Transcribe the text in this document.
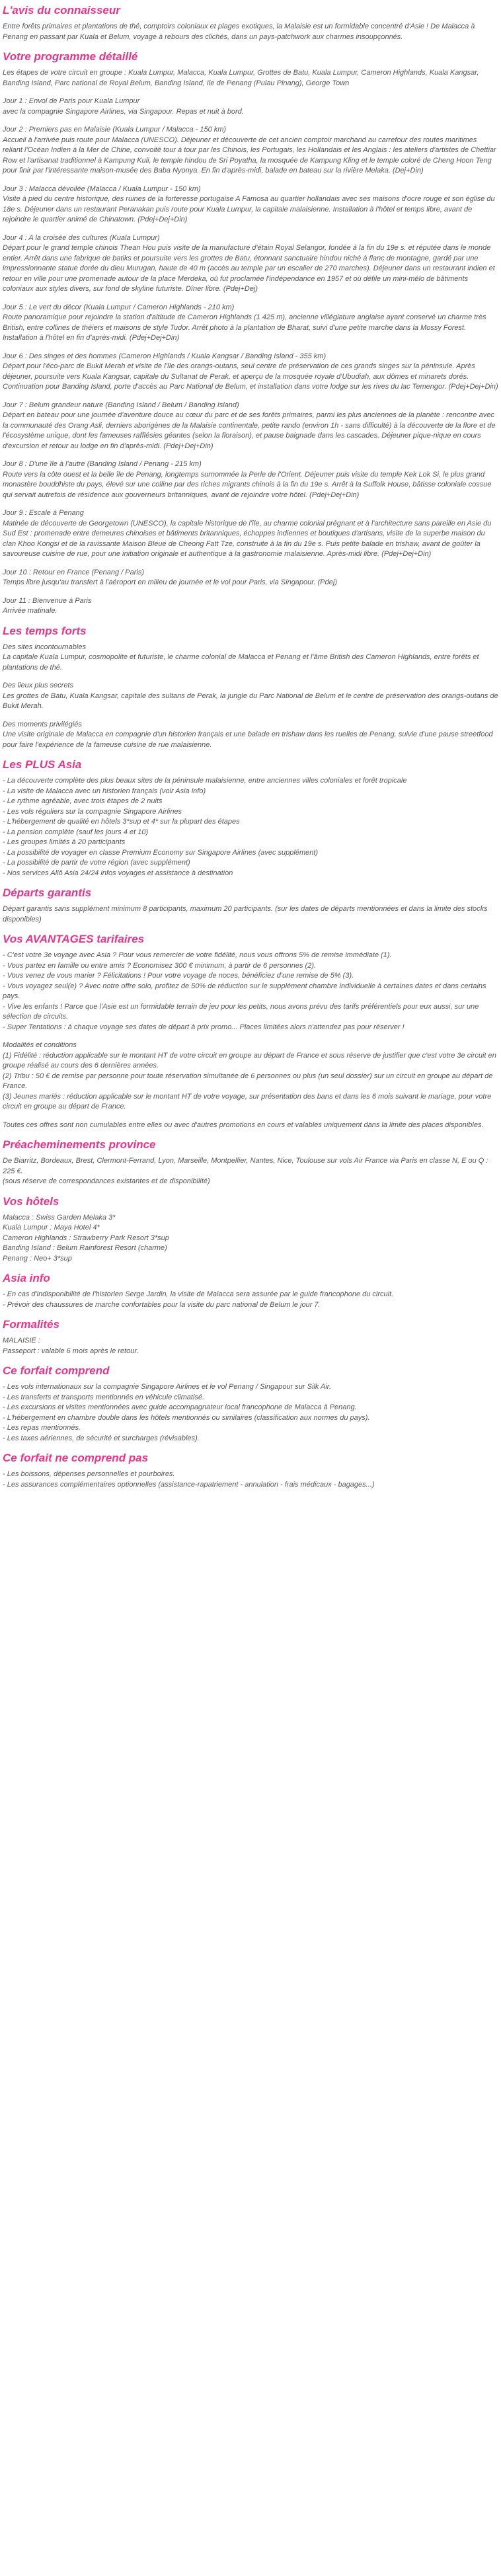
L'avis du connaisseur

Entre forêts primaires et plantations de thé, comptoirs coloniaux et plages exotiques, la Malaisie est un formidable concentré d'Asie ! De Malacca à Penang en passant par Kuala et Belum, voyage à rebours des clichés, dans un pays-patchwork aux charmes insoupçonnés.

Votre programme détaillé

Les étapes de votre circuit en groupe : Kuala Lumpur, Malacca, Kuala Lumpur, Grottes de Batu, Kuala Lumpur, Cameron Highlands, Kuala Kangsar, Banding Island, Parc national de Royal Belum, Banding Island, Ile de Penang (Pulau Pinang), George Town

Jour 1 : Envol de Paris pour Kuala Lumpur

avec la compagnie Singapore Airlines, via Singapour. Repas et nuit à bord.

Jour 2 : Premiers pas en Malaisie (Kuala Lumpur / Malacca - 150 km)

Accueil à l'arrivée puis route pour Malacca (UNESCO). Déjeuner et découverte de cet ancien comptoir marchand au carrefour des routes maritimes reliant l'Océan Indien à la Mer de Chine, convoité tour à tour par les Chinois, les Portugais, les Hollandais et les Anglais : les ateliers d'artistes de Chettiar Row et l'artisanat traditionnel à Kampung Kuli, le temple hindou de Sri Poyatha, la mosquée de Kampung Kling et le temple coloré de Cheng Hoon Teng pour finir par l'intéressante maison-musée des Baba Nyonya. En fin d'après-midi, balade en bateau sur la rivière Melaka. (Dej+Din)

Jour 3 : Malacca dévoilée (Malacca / Kuala Lumpur - 150 km)

Visite à pied du centre historique, des ruines de la forteresse portugaise A Famosa au quartier hollandais avec ses maisons d'ocre rouge et son église du 18e s. Déjeuner dans un restaurant Peranakan puis route pour Kuala Lumpur, la capitale malaisienne. Installation à l'hôtel et temps libre, avant de rejoindre le quartier animé de Chinatown. (Pdej+Dej+Din)

Jour 4 : A la croisée des cultures (Kuala Lumpur)

Départ pour le grand temple chinois Thean Hou puis visite de la manufacture d'étain Royal Selangor, fondée à la fin du 19e s. et réputée dans le monde entier. Arrêt dans une fabrique de batiks et poursuite vers les grottes de Batu, étonnant sanctuaire hindou niché à flanc de montagne, gardé par une impressionnante statue dorée du dieu Murugan, haute de 40 m (accès au temple par un escalier de 270 marches). Déjeuner dans un restaurant indien et retour en ville pour une promenade autour de la place Merdeka, où fut proclamée l'indépendance en 1957 et où défile un mini-mélo de bâtiments coloniaux aux styles divers, sur fond de skyline futuriste. Dîner libre. (Pdej+Dej)

Jour 5 : Le vert du décor (Kuala Lumpur / Cameron Highlands - 210 km)

Route panoramique pour rejoindre la station d'altitude de Cameron Highlands (1 425 m), ancienne villégiature anglaise ayant conservé un charme très British, entre collines de théiers et maisons de style Tudor. Arrêt photo à la plantation de Bharat, suivi d'une petite marche dans la Mossy Forest. Installation à l'hôtel en fin d'après-midi. (Pdej+Dej+Din)

Jour 6 : Des singes et des hommes (Cameron Highlands / Kuala Kangsar / Banding Island - 355 km)

Départ pour l'éco-parc de Bukit Merah et visite de l'île des orangs-outans, seul centre de préservation de ces grands singes sur la péninsule. Après déjeuner, poursuite vers Kuala Kangsar, capitale du Sultanat de Perak, et aperçu de la mosquée royale d'Ubudiah, aux dômes et minarets dorés. Continuation pour Banding Island, porte d'accès au Parc National de Belum, et installation dans votre lodge sur les rives du lac Temengor. (Pdej+Dej+Din)

Jour 7 : Belum grandeur nature (Banding Island / Belum / Banding Island)

Départ en bateau pour une journée d'aventure douce au cœur du parc et de ses forêts primaires, parmi les plus anciennes de la planète : rencontre avec la communauté des Orang Asli, derniers aborigènes de la Malaisie continentale, petite rando (environ 1h - sans difficulté) à la découverte de la flore et de l'écosystème unique, dont les fameuses rafflésies géantes (selon la floraison), et pause baignade dans les cascades. Déjeuner pique-nique en cours d'excursion et retour au lodge en fin d'après-midi. (Pdej+Dej+Din)

Jour 8 : D'une île à l'autre (Banding Island / Penang - 215 km)

Route vers la côte ouest et la belle île de Penang, longtemps surnommée la Perle de l'Orient. Déjeuner puis visite du temple Kek Lok Si, le plus grand monastère bouddhiste du pays, élevé sur une colline par des riches migrants chinois à la fin du 19e s. Arrêt à la Suffolk House, bâtisse coloniale cossue qui servait autrefois de résidence aux gouverneurs britanniques, avant de rejoindre votre hôtel. (Pdej+Dej+Din)

Jour 9 : Escale à Penang

Matinée de découverte de Georgetown (UNESCO), la capitale historique de l'île, au charme colonial prégnant et à l'architecture sans pareille en Asie du Sud Est : promenade entre demeures chinoises et bâtiments britanniques, échoppes indiennes et boutiques d'artisans, visite de la superbe maison du clan Khoo Kongsi et de la ravissante Maison Bleue de Cheong Fatt Tze, construite à la fin du 19e s. Puis petite balade en trishaw, avant de goûter la savoureuse cuisine de rue, pour une initiation originale et authentique à la gastronomie malaisienne. Après-midi libre. (Pdej+Dej+Din)

Jour 10 : Retour en France (Penang / Paris)

Temps libre jusqu'au transfert à l'aéroport en milieu de journée et le vol pour Paris, via Singapour. (Pdej)

Jour 11 : Bienvenue à Paris

Arrivée matinale.

Les temps forts

Des sites incontournables

La capitale Kuala Lumpur, cosmopolite et futuriste, le charme colonial de Malacca et Penang et l'âme British des Cameron Highlands, entre forêts et plantations de thé.

Des lieux plus secrets

Les grottes de Batu, Kuala Kangsar, capitale des sultans de Perak, la jungle du Parc National de Belum et le centre de préservation des orangs-outans de Bukit Merah.

Des moments privilégiés

Une visite originale de Malacca en compagnie d'un historien français et une balade en trishaw dans les ruelles de Penang, suivie d'une pause streetfood pour faire l'expérience de la fameuse cuisine de rue malaisienne.

Les PLUS Asia

- La découverte complète des plus beaux sites de la péninsule malaisienne, entre anciennes villes coloniales et forêt tropicale

- La visite de Malacca avec un historien français (voir Asia info)

- Le rythme agréable, avec trois étapes de 2 nuits

- Les vols réguliers sur la compagnie Singapore Airlines

- L'hébergement de qualité en hôtels 3*sup et 4* sur la plupart des étapes

- La pension complète (sauf les jours 4 et 10)

- Les groupes limités à 20 participants

- La possibilité de voyager en classe Premium Economy sur Singapore Airlines (avec supplément)

- La possibilité de partir de votre région (avec supplément)

- Nos services Allô Asia 24/24 infos voyages et assistance à destination

Départs garantis

Départ garantis sans supplément minimum 8 participants, maximum 20 participants. (sur les dates de départs mentionnées et dans la limite des stocks disponibles)

Vos AVANTAGES tarifaires

- C'est votre 3e voyage avec Asia ? Pour vous remercier de votre fidélité, nous vous offrons 5% de remise immédiate (1).

- Vous partez en famille ou entre amis ? Economisez 300 € minimum, à partir de 6 personnes (2).

- Vous venez de vous marier ? Félicitations ! Pour votre voyage de noces, bénéficiez d'une remise de 5% (3).

- Vous voyagez seul(e) ? Avec notre offre solo, profitez de 50% de réduction sur le supplément chambre individuelle à certaines dates et dans certains pays.

- Vive les enfants ! Parce que l'Asie est un formidable terrain de jeu pour les petits, nous avons prévu des tarifs préférentiels pour eux aussi, sur une sélection de circuits.

- Super Tentations : à chaque voyage ses dates de départ à prix promo... Places limitées alors n'attendez pas pour réserver !

Modalités et conditions

(1) Fidélité : réduction applicable sur le montant HT de votre circuit en groupe au départ de France et sous réserve de justifier que c'est votre 3e circuit en groupe réalisé au cours des 6 dernières années.

(2) Tribu : 50 € de remise par personne pour toute réservation simultanée de 6 personnes ou plus (un seul dossier) sur un circuit en groupe au départ de France.

(3) Jeunes mariés : réduction applicable sur le montant HT de votre voyage, sur présentation des bans et dans les 6 mois suivant le mariage, pour votre circuit en groupe au départ de France.

Toutes ces offres sont non cumulables entre elles ou avec d'autres promotions en cours et valables uniquement dans la limite des places disponibles.

Préacheminements province

De Biarritz, Bordeaux, Brest, Clermont-Ferrand, Lyon, Marseille, Montpellier, Nantes, Nice, Toulouse sur vols Air France via Paris en classe N, E ou Q : 225 €.

(sous réserve de correspondances existantes et de disponibilité)

Vos hôtels

Malacca : Swiss Garden Melaka 3*

Kuala Lumpur : Maya Hotel 4*

Cameron Highlands : Strawberry Park Resort 3*sup

Banding Island : Belum Rainforest Resort (charme)

Penang : Neo+ 3*sup

Asia info

- En cas d'indisponibilité de l'historien Serge Jardin, la visite de Malacca sera assurée par le guide francophone du circuit.

- Prévoir des chaussures de marche confortables pour la visite du parc national de Belum le jour 7.

Formalités

MALAISIE :

Passeport : valable 6 mois après le retour.

Ce forfait comprend

- Les vols internationaux sur la compagnie Singapore Airlines et le vol Penang / Singapour sur Silk Air.

- Les transferts et transports mentionnés en véhicule climatisé.

- Les excursions et visites mentionnées avec guide accompagnateur local francophone de Malacca à Penang.

- L'hébergement en chambre double dans les hôtels mentionnés ou similaires (classification aux normes du pays).

- Les repas mentionnés.

- Les taxes aériennes, de sécurité et surcharges (révisables).

Ce forfait ne comprend pas

- Les boissons, dépenses personnelles et pourboires.

- Les assurances complémentaires optionnelles (assistance-rapatriement - annulation - frais médicaux - bagages...)
